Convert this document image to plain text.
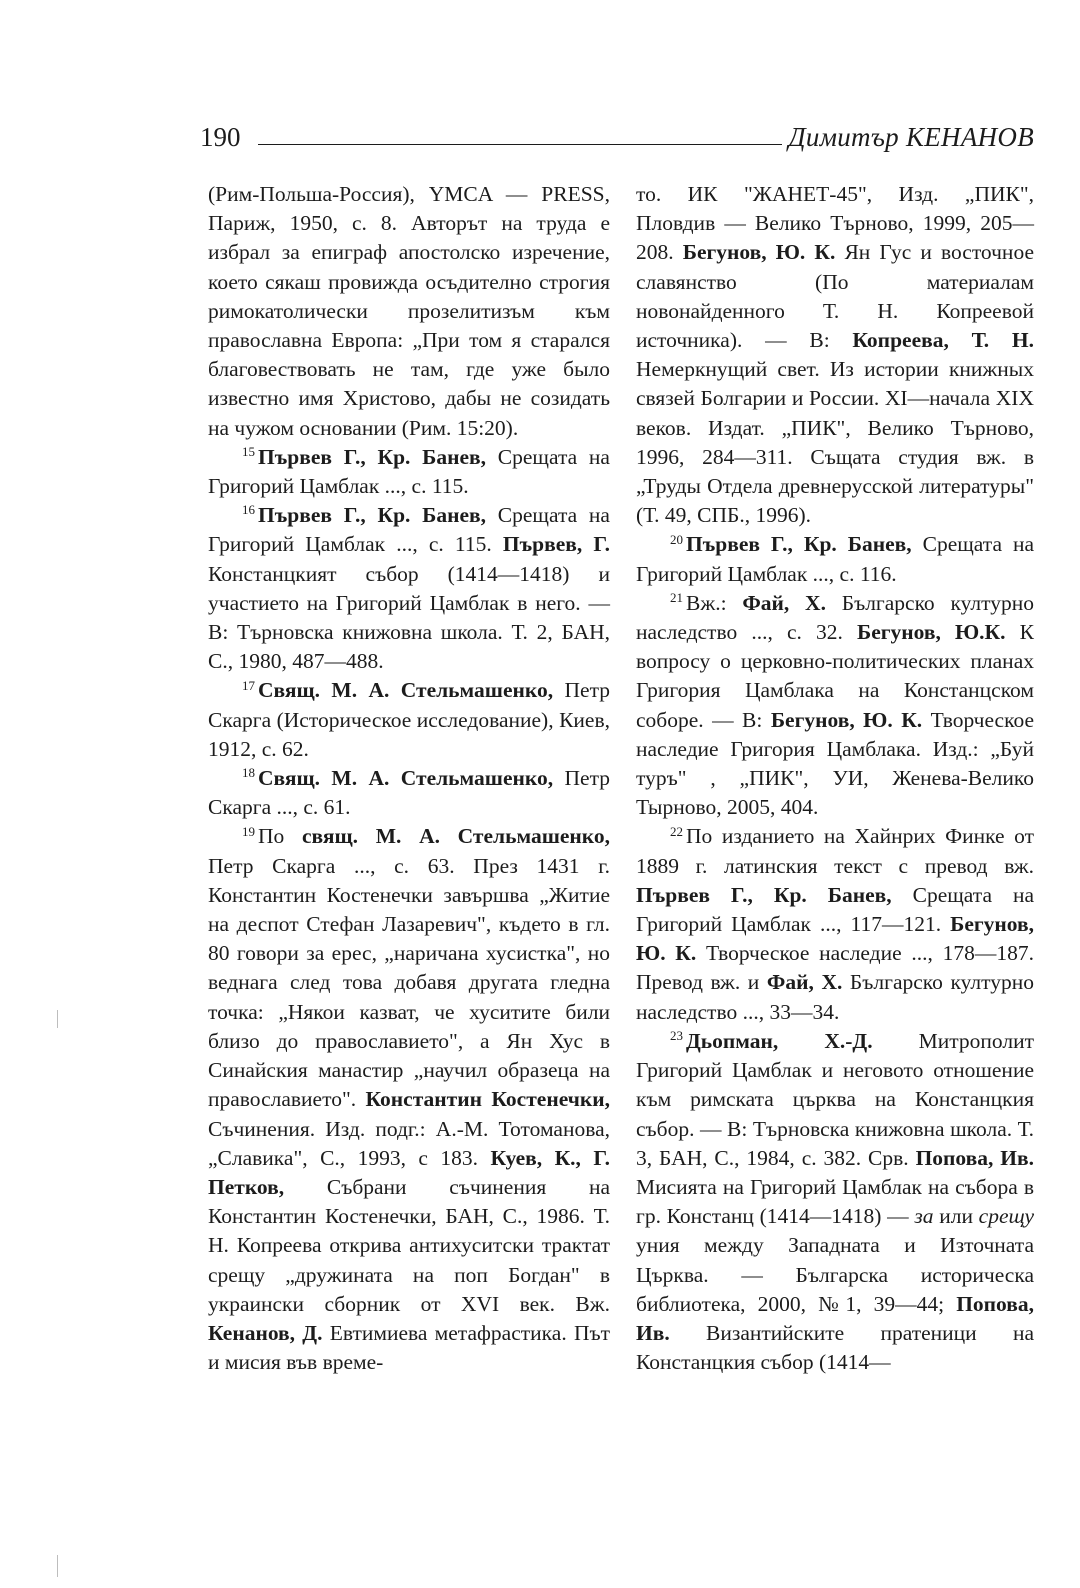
190	Димитър КЕНАНОВ

(Рим-Польша-Россия), YMCA — PRESS, Париж, 1950, с. 8. Авторът на труда е избрал за епиграф апостолско изречение, което сякаш провижда осъдително строгия римокатолически прозелитизъм към православна Европа: „При том я старался благовествовать не там, где уже было известно имя Христово, дабы не созидать на чужом основании (Рим. 15:20).

$^{15}$ Първев Г., Кр. Банев, Срещата на Григорий Цамблак ..., с. 115.

$^{16}$ Първев Г., Кр. Банев, Срещата на Григорий Цамблак ..., с. 115. Първев, Г. Констанцкият събор (1414—1418) и участието на Григорий Цамблак в него. — В: Търновска книжовна школа. Т. 2, БАН, С., 1980, 487—488.

$^{17}$ Свящ. М. А. Стельмашенко, Петр Скарга (Историческое исследование), Киев, 1912, с. 62.

$^{18}$ Свящ. М. А. Стельмашенко, Петр Скарга ..., с. 61.

$^{19}$ По свящ. М. А. Стельмашенко, Петр Скарга ..., с. 63. През 1431 г. Константин Костенечки завършва „Житие на деспот Стефан Лазаревич", където в гл. 80 говори за ерес, „наричана хусистка", но веднага след това добавя другата гледна точка: „Някои казват, че хуситите били близо до православието", а Ян Хус в Синайския манастир „научил образеца на православието". Константин Костенечки, Съчинения. Изд. подг.: А.-М. Тотоманова, „Славика", С., 1993, с 183. Куев, К., Г. Петков, Събрани съчинения на Константин Костенечки, БАН, С., 1986. Т. Н. Копреева открива антихуситски трактат срещу „дружината на поп Богдан" в украински сборник от XVI век. Вж. Кенанов, Д. Евтимиева метафрастика. Път и мисия във време-

то. ИК "ЖАНЕТ-45", Изд. „ПИК", Пловдив — Велико Търново, 1999, 205—208. Бегунов, Ю. К. Ян Гус и восточное славянство (По материалам новонайденного Т. Н. Копреевой источника). — В: Копреева, Т. Н. Немеркнущий свет. Из истории книжных связей Болгарии и России. XI—начала XIX веков. Издат. „ПИК", Велико Търново, 1996, 284—311. Същата студия вж. в „Труды Отдела древнерусской литературы" (Т. 49, СПБ., 1996).

$^{20}$ Първев Г., Кр. Банев, Срещата на Григорий Цамблак ..., с. 116.

$^{21}$ Вж.: Фай, Х. Българско културно наследство ..., с. 32. Бегунов, Ю.К. К вопросу о церковно-политических планах Григория Цамблака на Констанцском соборе. — В: Бегунов, Ю. К. Творческое наследие Григория Цамблака. Изд.: „Буй туръ" , „ПИК", УИ, Женева-Велико Тырново, 2005, 404.

$^{22}$ По изданието на Хайнрих Финке от 1889 г. латинския текст с превод вж. Първев Г., Кр. Банев, Срещата на Григорий Цамблак ..., 117—121. Бегунов, Ю. К. Творческое наследие ..., 178—187. Превод вж. и Фай, Х. Българско културно наследство ..., 33—34.

$^{23}$ Дьопман, Х.-Д. Митрополит Григорий Цамблак и неговото отношение към римската църква на Констанцкия събор. — В: Търновска книжовна школа. Т. 3, БАН, С., 1984, с. 382. Срв. Попова, Ив. Мисията на Григорий Цамблак на събора в гр. Констанц (1414—1418) — за или срещу уния между Западната и Източната Църква. — Българска историческа библиотека, 2000, №1, 39—44; Попова, Ив. Византийските пратеници на Констанцкия събор (1414—
